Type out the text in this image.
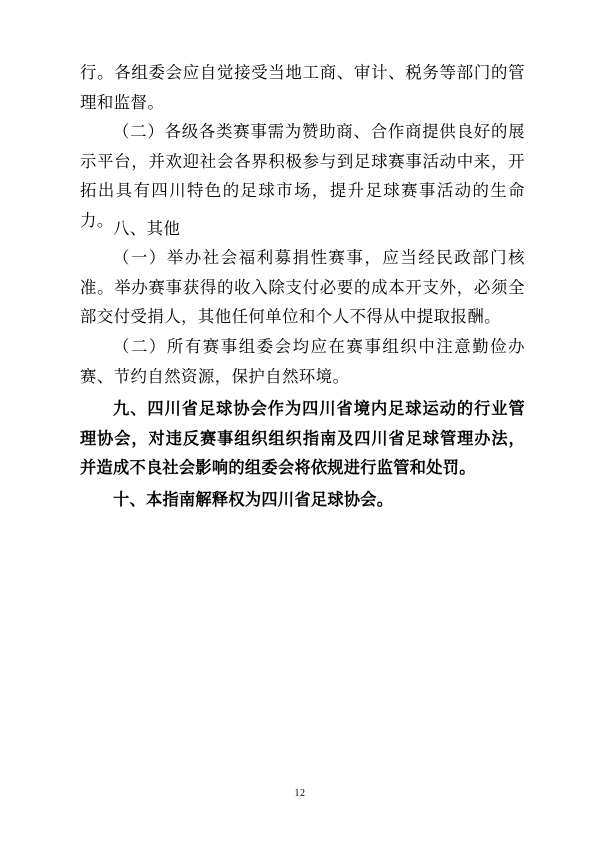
行。各组委会应自觉接受当地工商、审计、税务等部门的管理和监督。

（二）各级各类赛事需为赞助商、合作商提供良好的展示平台，并欢迎社会各界积极参与到足球赛事活动中来，开拓出具有四川特色的足球市场，提升足球赛事活动的生命力。 八、其他

（一）举办社会福利募捐性赛事，应当经民政部门核准。举办赛事获得的收入除支付必要的成本开支外，必须全部交付受捐人，其他任何单位和个人不得从中提取报酬。

（二）所有赛事组委会均应在赛事组织中注意勤俭办赛、节约自然资源，保护自然环境。

九、四川省足球协会作为四川省境内足球运动的行业管理协会，对违反赛事组织组织指南及四川省足球管理办法，并造成不良社会影响的组委会将依规进行监管和处罚。

十、本指南解释权为四川省足球协会。

12
